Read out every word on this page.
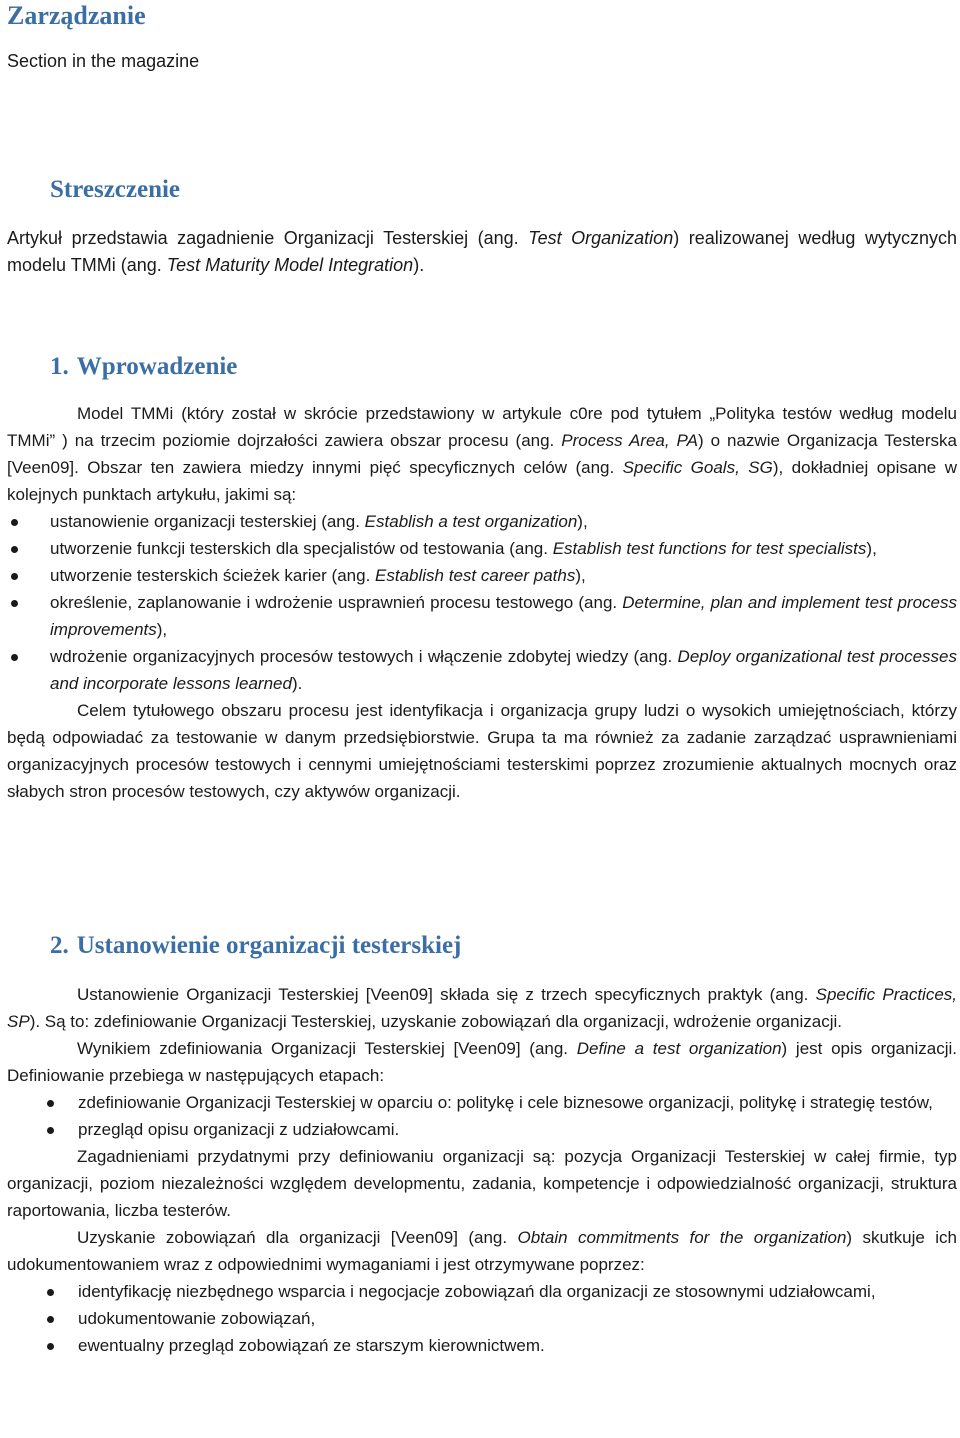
Zarządzanie
Section in the magazine
Streszczenie
Artykuł przedstawia zagadnienie Organizacji Testerskiej (ang. Test Organization) realizowanej według wytycznych modelu TMMi (ang. Test Maturity Model Integration).
1. Wprowadzenie

Model TMMi (który został w skrócie przedstawiony w artykule c0re pod tytułem „Polityka testów według modelu TMMi” ) na trzecim poziomie dojrzałości zawiera obszar procesu (ang. Process Area, PA) o nazwie Organizacja Testerska [Veen09]. Obszar ten zawiera miedzy innymi pięć specyficznych celów (ang. Specific Goals, SG), dokładniej opisane w kolejnych punktach artykułu, jakimi są:

ustanowienie organizacji testerskiej (ang. Establish a test organization),
utworzenie funkcji testerskich dla specjalistów od testowania (ang. Establish test functions for test specialists),
utworzenie testerskich ścieżek karier (ang. Establish test career paths),
określenie, zaplanowanie i wdrożenie usprawnień procesu testowego (ang. Determine, plan and implement test process improvements),
wdrożenie organizacyjnych procesów testowych i włączenie zdobytej wiedzy (ang. Deploy organizational test processes and incorporate lessons learned).

Celem tytułowego obszaru procesu jest identyfikacja i organizacja grupy ludzi o wysokich umiejętnościach, którzy będą odpowiadać za testowanie w danym przedsiębiorstwie. Grupa ta ma również za zadanie zarządzać usprawnieniami organizacyjnych procesów testowych i cennymi umiejętnościami testerskimi poprzez zrozumienie aktualnych mocnych oraz słabych stron procesów testowych, czy aktywów organizacji.

2. Ustanowienie organizacji testerskiej

Ustanowienie Organizacji Testerskiej [Veen09] składa się z trzech specyficznych praktyk (ang. Specific Practices, SP). Są to: zdefiniowanie Organizacji Testerskiej, uzyskanie zobowiązań dla organizacji, wdrożenie organizacji.

Wynikiem zdefiniowania Organizacji Testerskiej [Veen09] (ang. Define a test organization) jest opis organizacji. Definiowanie przebiega w następujących etapach:

zdefiniowanie Organizacji Testerskiej w oparciu o: politykę i cele biznesowe organizacji, politykę i strategię testów,
przegląd opisu organizacji z udziałowcami.

Zagadnieniami przydatnymi przy definiowaniu organizacji są: pozycja Organizacji Testerskiej w całej firmie, typ organizacji, poziom niezależności względem developmentu, zadania, kompetencje i odpowiedzialność organizacji, struktura raportowania, liczba testerów.

Uzyskanie zobowiązań dla organizacji [Veen09] (ang. Obtain commitments for the organization) skutkuje ich udokumentowaniem wraz z odpowiednimi wymaganiami i jest otrzymywane poprzez:

identyfikację niezbędnego wsparcia i negocjacje zobowiązań dla organizacji ze stosownymi udziałowcami,
udokumentowanie zobowiązań,
ewentualny przegląd zobowiązań ze starszym kierownictwem.
